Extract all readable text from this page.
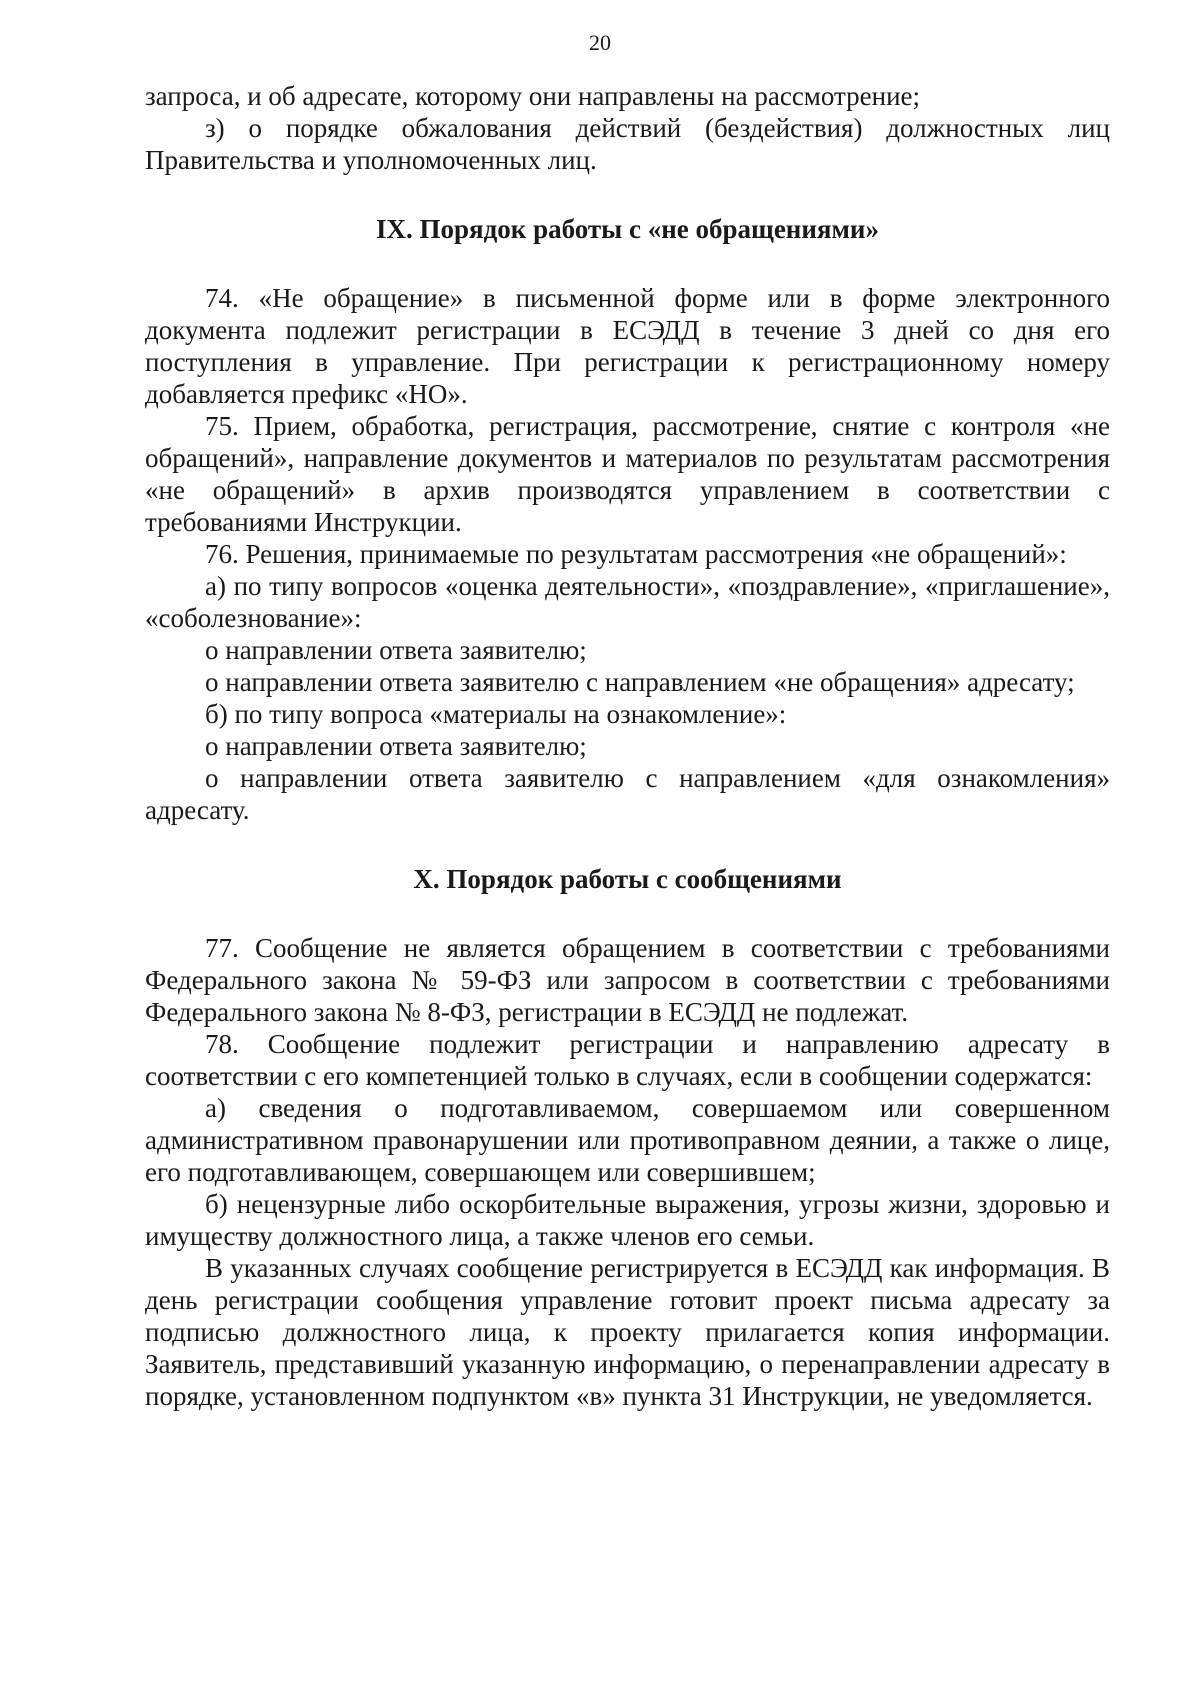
20

запроса, и об адресате, которому они направлены на рассмотрение;

з) о порядке обжалования действий (бездействия) должностных лиц Правительства и уполномоченных лиц.

IX. Порядок работы с «не обращениями»

74. «Не обращение» в письменной форме или в форме электронного документа подлежит регистрации в ЕСЭДД в течение 3 дней со дня его поступления в управление. При регистрации к регистрационному номеру добавляется префикс «НО».

75. Прием, обработка, регистрация, рассмотрение, снятие с контроля «не обращений», направление документов и материалов по результатам рассмотрения «не обращений» в архив производятся управлением в соответствии с требованиями Инструкции.

76. Решения, принимаемые по результатам рассмотрения «не обращений»:

а) по типу вопросов «оценка деятельности», «поздравление», «приглашение», «соболезнование»:

о направлении ответа заявителю;

о направлении ответа заявителю с направлением «не обращения» адресату;

б) по типу вопроса «материалы на ознакомление»:

о направлении ответа заявителю;

о направлении ответа заявителю с направлением «для ознакомления» адресату.

X. Порядок работы с сообщениями

77. Сообщение не является обращением в соответствии с требованиями Федерального закона № 59-ФЗ или запросом в соответствии с требованиями Федерального закона № 8-ФЗ, регистрации в ЕСЭДД не подлежат.

78. Сообщение подлежит регистрации и направлению адресату в соответствии с его компетенцией только в случаях, если в сообщении содержатся:

а) сведения о подготавливаемом, совершаемом или совершенном административном правонарушении или противоправном деянии, а также о лице, его подготавливающем, совершающем или совершившем;

б) нецензурные либо оскорбительные выражения, угрозы жизни, здоровью и имуществу должностного лица, а также членов его семьи.

В указанных случаях сообщение регистрируется в ЕСЭДД как информация. В день регистрации сообщения управление готовит проект письма адресату за подписью должностного лица, к проекту прилагается копия информации. Заявитель, представивший указанную информацию, о перенаправлении адресату в порядке, установленном подпунктом «в» пункта 31 Инструкции, не уведомляется.
